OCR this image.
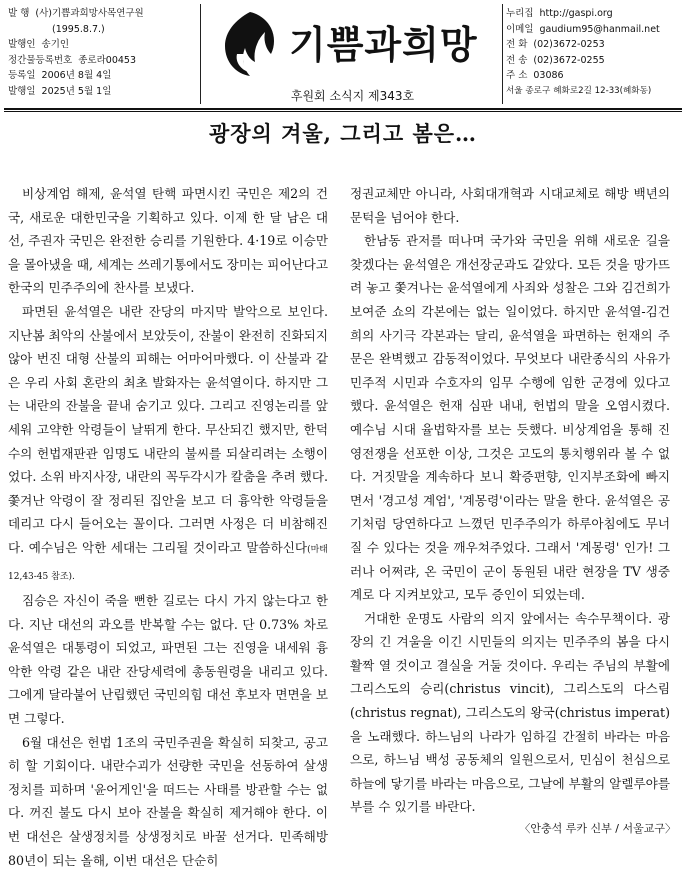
발 행 (사)기쁨과희망사목연구원
(1995.8.7.)
발행인 송기인
정간물등록번호 종로라00453
등록일 2006년 8월 4일
발행일 2025년 5월 1일
기쁨과희망
후원회 소식지 제343호
누리집 http://gaspi.org
이메일 gaudium95@hanmail.net
전 화 (02)3672-0253
전 송 (02)3672-0255
주 소 03086
서울 종로구 혜화로2길 12-33(혜화동)
광장의 겨울, 그리고 봄은…

비상계엄 해제, 윤석열 탄핵 파면시킨 국민은 제2의 건국, 새로운 대한민국을 기획하고 있다. 이제 한 달 남은 대선, 주권자 국민은 완전한 승리를 기원한다. 4·19로 이승만을 몰아냈을 때, 세계는 쓰레기통에서도 장미는 피어난다고 한국의 민주주의에 찬사를 보냈다.

파면된 윤석열은 내란 잔당의 마지막 발악으로 보인다. 지난봄 최악의 산불에서 보았듯이, 잔불이 완전히 진화되지 않아 번진 대형 산불의 피해는 어마어마했다. 이 산불과 같은 우리 사회 혼란의 최초 발화자는 윤석열이다. 하지만 그는 내란의 잔불을 끝내 숨기고 있다. 그리고 진영논리를 앞세워 고약한 악령들이 날뛰게 한다. 무산되긴 했지만, 한덕수의 헌법재판관 임명도 내란의 불씨를 되살리려는 소행이었다. 소위 바지사장, 내란의 꼭두각시가 칼춤을 추려 했다. 쫓겨난 악령이 잘 정리된 집안을 보고 더 흉악한 악령들을 데리고 다시 들어오는 꼴이다. 그러면 사정은 더 비참해진다. 예수님은 악한 세대는 그리될 것이라고 말씀하신다(마태 12,43-45 참조).

짐승은 자신이 죽을 뻔한 길로는 다시 가지 않는다고 한다. 지난 대선의 과오를 반복할 수는 없다. 단 0.73% 차로 윤석열은 대통령이 되었고, 파면된 그는 진영을 내세워 흉악한 악령 같은 내란 잔당세력에 총동원령을 내리고 있다. 그에게 달라붙어 난립했던 국민의힘 대선 후보자 면면을 보면 그렇다.

6월 대선은 헌법 1조의 국민주권을 확실히 되찾고, 공고히 할 기회이다. 내란수괴가 선량한 국민을 선동하여 살생정치를 피하며 '윤어게인'을 떠드는 사태를 방관할 수는 없다. 꺼진 불도 다시 보아 잔불을 확실히 제거해야 한다. 이번 대선은 살생정치를 상생정치로 바꿀 선거다. 민족해방 80년이 되는 올해, 이번 대선은 단순히

정권교체만 아니라, 사회대개혁과 시대교체로 해방 백년의 문턱을 넘어야 한다.

한남동 관저를 떠나며 국가와 국민을 위해 새로운 길을 찾겠다는 윤석열은 개선장군과도 같았다. 모든 것을 망가뜨려 놓고 쫓겨나는 윤석열에게 사죄와 성찰은 그와 김건희가 보여준 쇼의 각본에는 없는 일이었다. 하지만 윤석열-김건희의 사기극 각본과는 달리, 윤석열을 파면하는 헌재의 주문은 완벽했고 감동적이었다. 무엇보다 내란종식의 사유가 민주적 시민과 수호자의 임무 수행에 임한 군경에 있다고 했다. 윤석열은 헌재 심판 내내, 헌법의 말을 오염시켰다. 예수님 시대 율법학자를 보는 듯했다. 비상계엄을 통해 진영전쟁을 선포한 이상, 그것은 고도의 통치행위라 볼 수 없다. 거짓말을 계속하다 보니 확증편향, 인지부조화에 빠지면서 '경고성 계엄', '계몽령'이라는 말을 한다. 윤석열은 공기처럼 당연하다고 느꼈던 민주주의가 하루아침에도 무너질 수 있다는 것을 깨우쳐주었다. 그래서 '계몽령' 인가! 그러나 어쩌랴, 온 국민이 군이 동원된 내란 현장을 TV 생중계로 다 지켜보았고, 모두 증인이 되었는데.

거대한 운명도 사람의 의지 앞에서는 속수무책이다. 광장의 긴 겨울을 이긴 시민들의 의지는 민주주의 봄을 다시 활짝 열 것이고 결실을 거둘 것이다. 우리는 주님의 부활에 그리스도의 승리(christus vincit), 그리스도의 다스림(christus regnat), 그리스도의 왕국(christus imperat)을 노래했다. 하느님의 나라가 임하길 간절히 바라는 마음으로, 하느님 백성 공동체의 일원으로서, 민심이 천심으로 하늘에 닿기를 바라는 마음으로, 그날에 부활의 알렐루야를 부를 수 있기를 바란다.

〈안충석 루카 신부 / 서울교구〉
